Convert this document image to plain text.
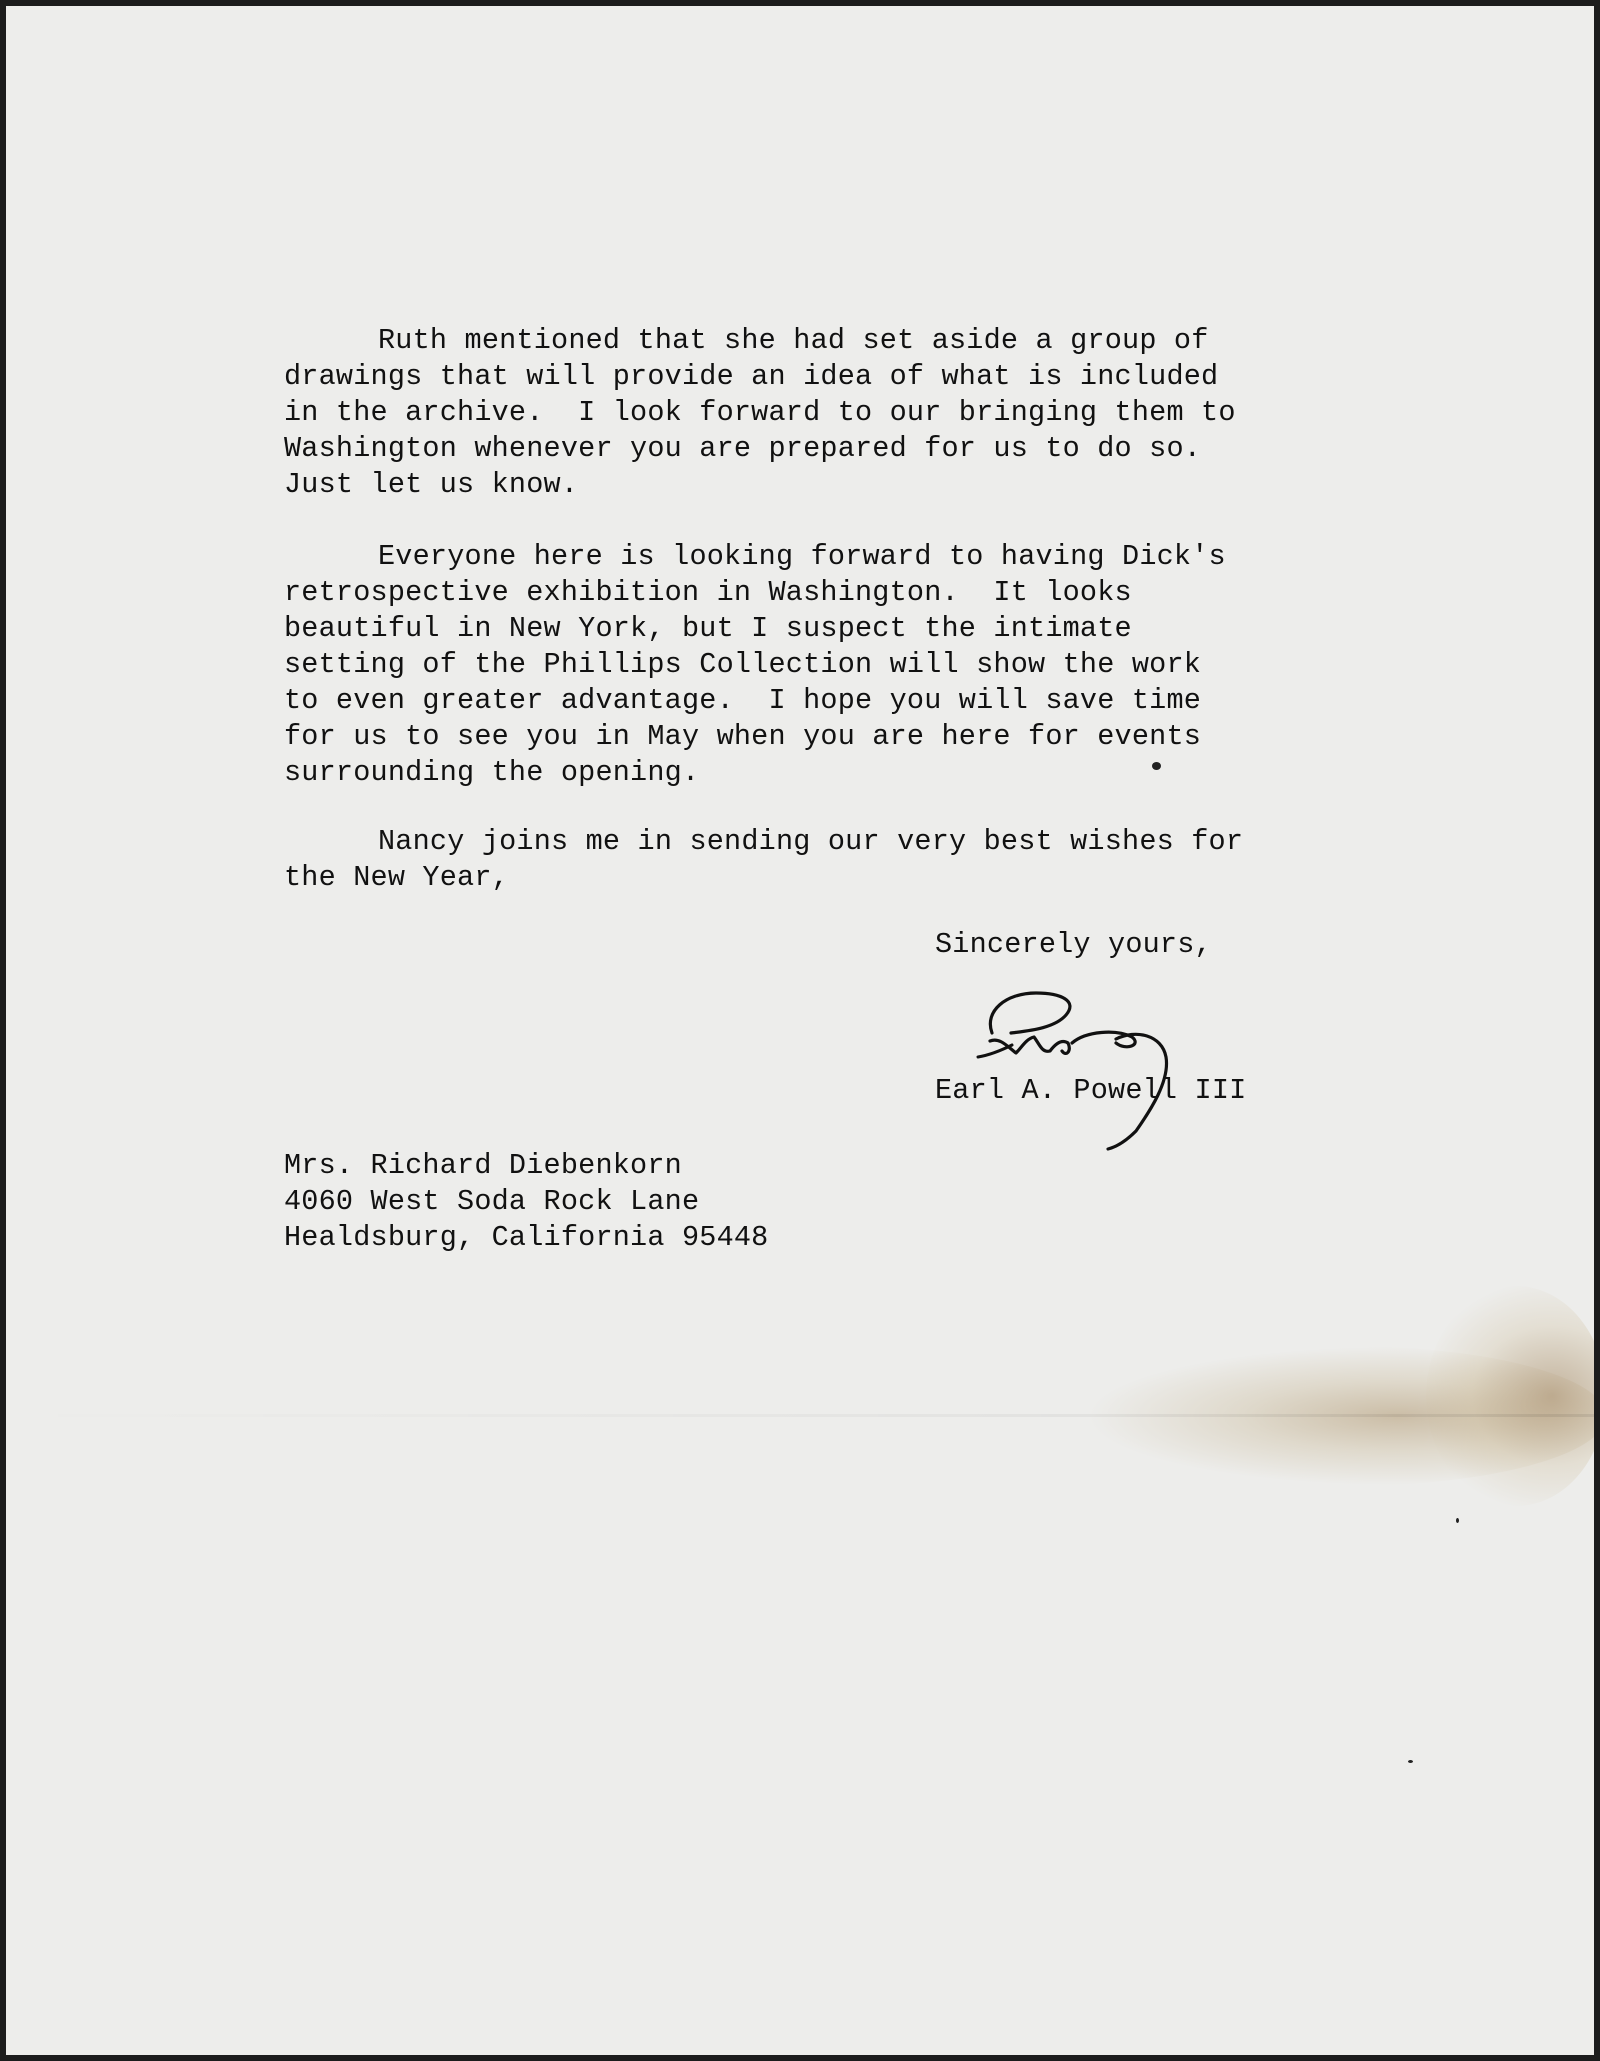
Ruth mentioned that she had set aside a group of
drawings that will provide an idea of what is included
in the archive.  I look forward to our bringing them to
Washington whenever you are prepared for us to do so.
Just let us know.
Everyone here is looking forward to having Dick's
retrospective exhibition in Washington.  It looks
beautiful in New York, but I suspect the intimate
setting of the Phillips Collection will show the work
to even greater advantage.  I hope you will save time
for us to see you in May when you are here for events
surrounding the opening.
Nancy joins me in sending our very best wishes for
the New Year,
Sincerely yours,
Earl A. Powell III
Mrs. Richard Diebenkorn
4060 West Soda Rock Lane
Healdsburg, California 95448
